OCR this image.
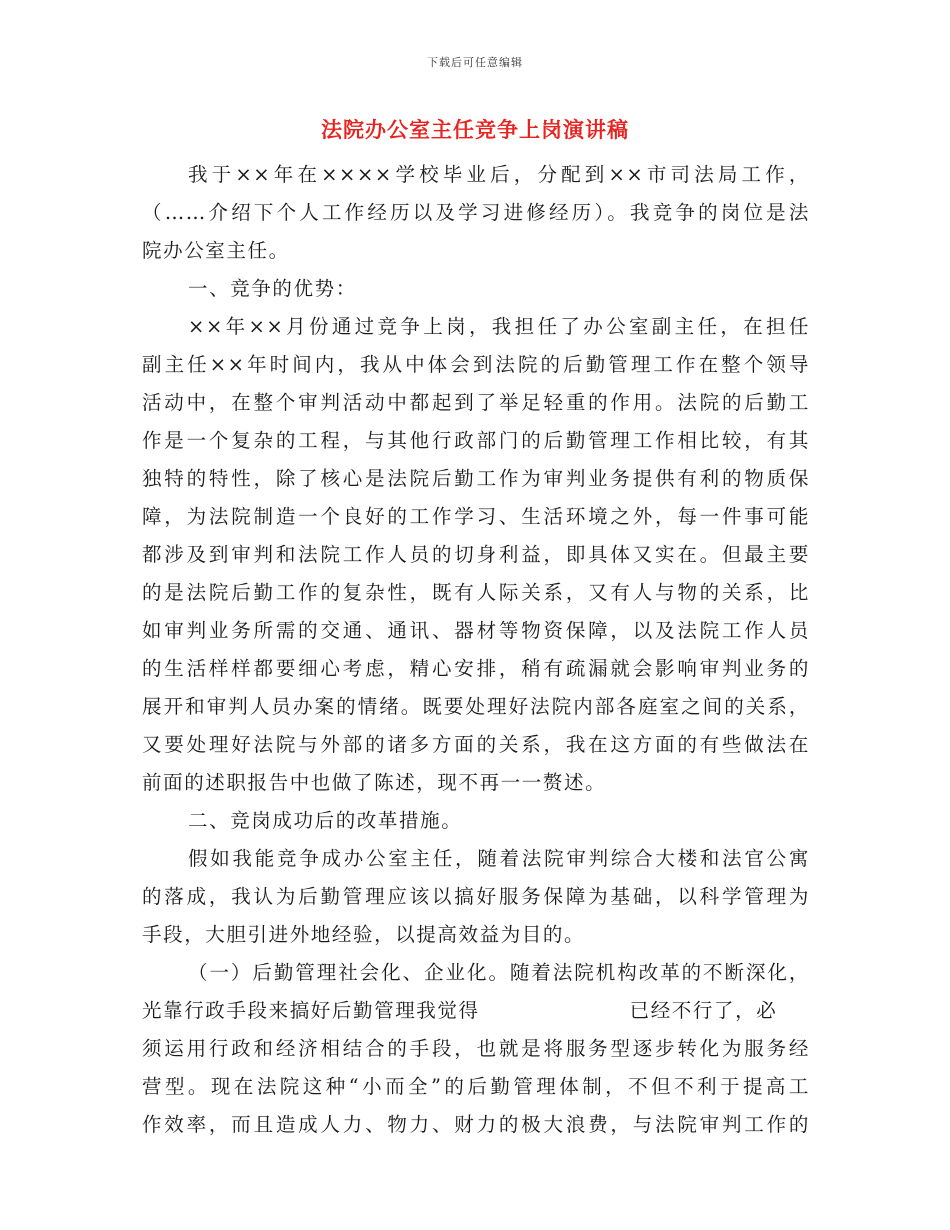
下载后可任意编辑
法院办公室主任竞争上岗演讲稿
我于××年在××××学校毕业后，分配到××市司法局工作，
（……介绍下个人工作经历以及学习进修经历）。我竞争的岗位是法
院办公室主任。
一、竞争的优势：
××年××月份通过竞争上岗，我担任了办公室副主任，在担任
副主任××年时间内，我从中体会到法院的后勤管理工作在整个领导
活动中，在整个审判活动中都起到了举足轻重的作用。法院的后勤工
作是一个复杂的工程，与其他行政部门的后勤管理工作相比较，有其
独特的特性，除了核心是法院后勤工作为审判业务提供有利的物质保
障，为法院制造一个良好的工作学习、生活环境之外，每一件事可能
都涉及到审判和法院工作人员的切身利益，即具体又实在。但最主要
的是法院后勤工作的复杂性，既有人际关系，又有人与物的关系，比
如审判业务所需的交通、通讯、器材等物资保障，以及法院工作人员
的生活样样都要细心考虑，精心安排，稍有疏漏就会影响审判业务的
展开和审判人员办案的情绪。既要处理好法院内部各庭室之间的关系，
又要处理好法院与外部的诸多方面的关系，我在这方面的有些做法在
前面的述职报告中也做了陈述，现不再一一赘述。
二、竞岗成功后的改革措施。
假如我能竞争成办公室主任，随着法院审判综合大楼和法官公寓
的落成，我认为后勤管理应该以搞好服务保障为基础，以科学管理为
手段，大胆引进外地经验，以提高效益为目的。
（一）后勤管理社会化、企业化。随着法院机构改革的不断深化，
光靠行政手段来搞好后勤管理我觉得	已经不行了，必
须运用行政和经济相结合的手段，也就是将服务型逐步转化为服务经
营型。现在法院这种“小而全”的后勤管理体制，不但不利于提高工
作效率，而且造成人力、物力、财力的极大浪费，与法院审判工作的
